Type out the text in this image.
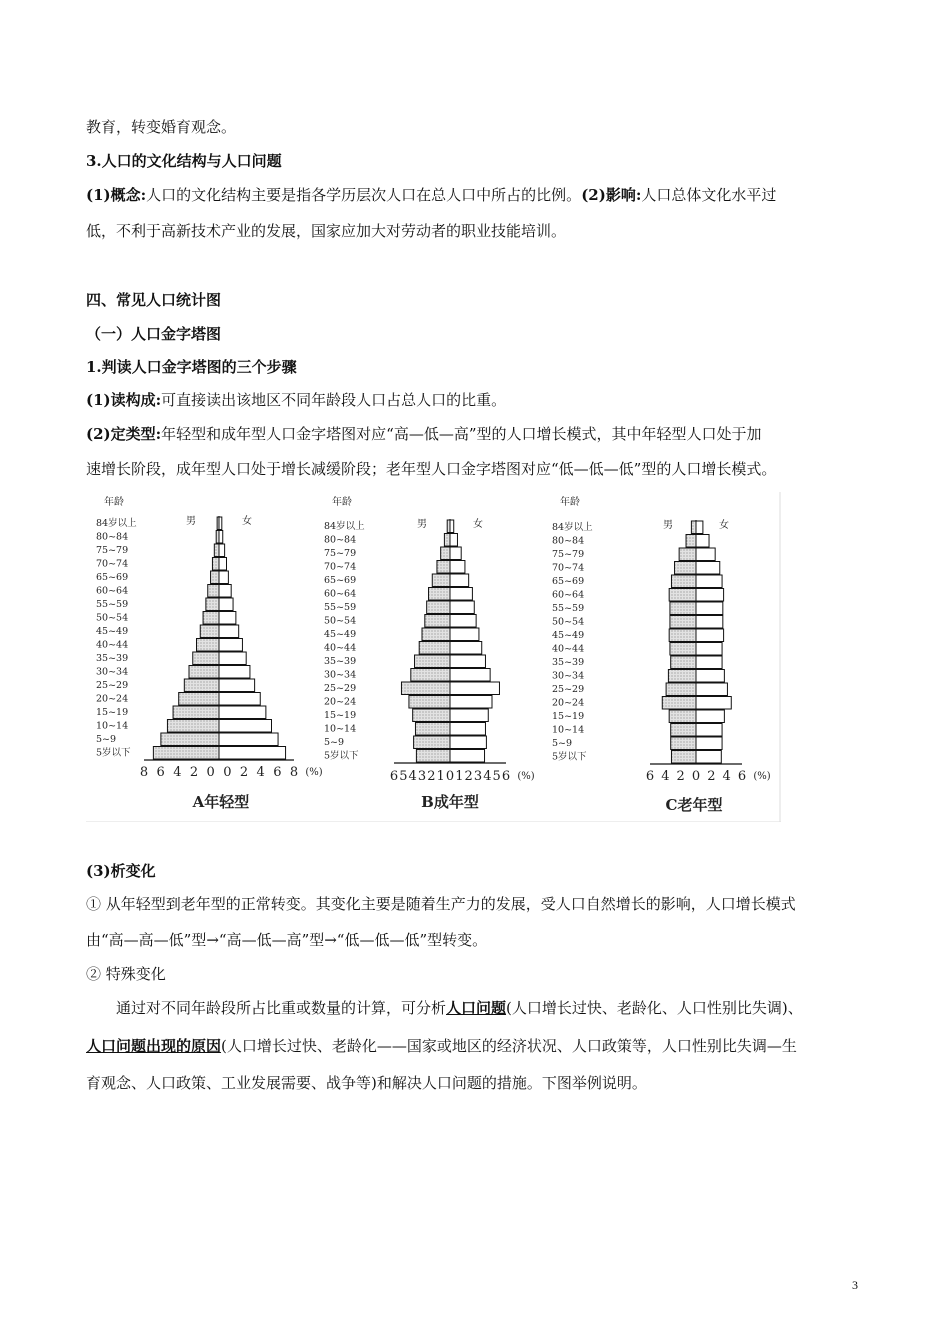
教育，转变婚育观念。
3.人口的文化结构与人口问题
(1)概念:人口的文化结构主要是指各学历层次人口在总人口中所占的比例。(2)影响:人口总体文化水平过
低，不利于高新技术产业的发展，国家应加大对劳动者的职业技能培训。
四、常见人口统计图
（一）人口金字塔图
1.判读人口金字塔图的三个步骤
(1)读构成:可直接读出该地区不同年龄段人口占总人口的比重。
(2)定类型:年轻型和成年型人口金字塔图对应“高—低—高”型的人口增长模式，其中年轻型人口处于加
速增长阶段，成年型人口处于增长减缓阶段；老年型人口金字塔图对应“低—低—低”型的人口增长模式。
年龄
男	女
84岁以上
80~84
75~79
70~74
65~69
60~64
55~59
50~54
45~49
40~44
35~39
30~34
25~29
20~24
15~19
10~14
5~9
5岁以下
8 6 4 2 0 0 2 4 6 8 (%)
A年轻型
年龄
男	女
84岁以上
80~84
75~79
70~74
65~69
60~64
55~59
50~54
45~49
40~44
35~39
30~34
25~29
20~24
15~19
10~14
5~9
5岁以下
6 5 4 3 2 1 0 1 2 3 4 5 6 (%)
B成年型
年龄
男	女
84岁以上
80~84
75~79
70~74
65~69
60~64
55~59
50~54
45~49
40~44
35~39
30~34
25~29
20~24
15~19
10~14
5~9
5岁以下
6 4 2 0 2 4 6 (%)
C老年型
(3)析变化
① 从年轻型到老年型的正常转变。其变化主要是随着生产力的发展，受人口自然增长的影响，人口增长模式
由“高—高—低”型→“高—低—高”型→“低—低—低”型转变。
② 特殊变化
通过对不同年龄段所占比重或数量的计算，可分析人口问题(人口增长过快、老龄化、人口性别比失调)、
人口问题出现的原因(人口增长过快、老龄化——国家或地区的经济状况、人口政策等，人口性别比失调—生
育观念、人口政策、工业发展需要、战争等)和解决人口问题的措施。下图举例说明。
3
